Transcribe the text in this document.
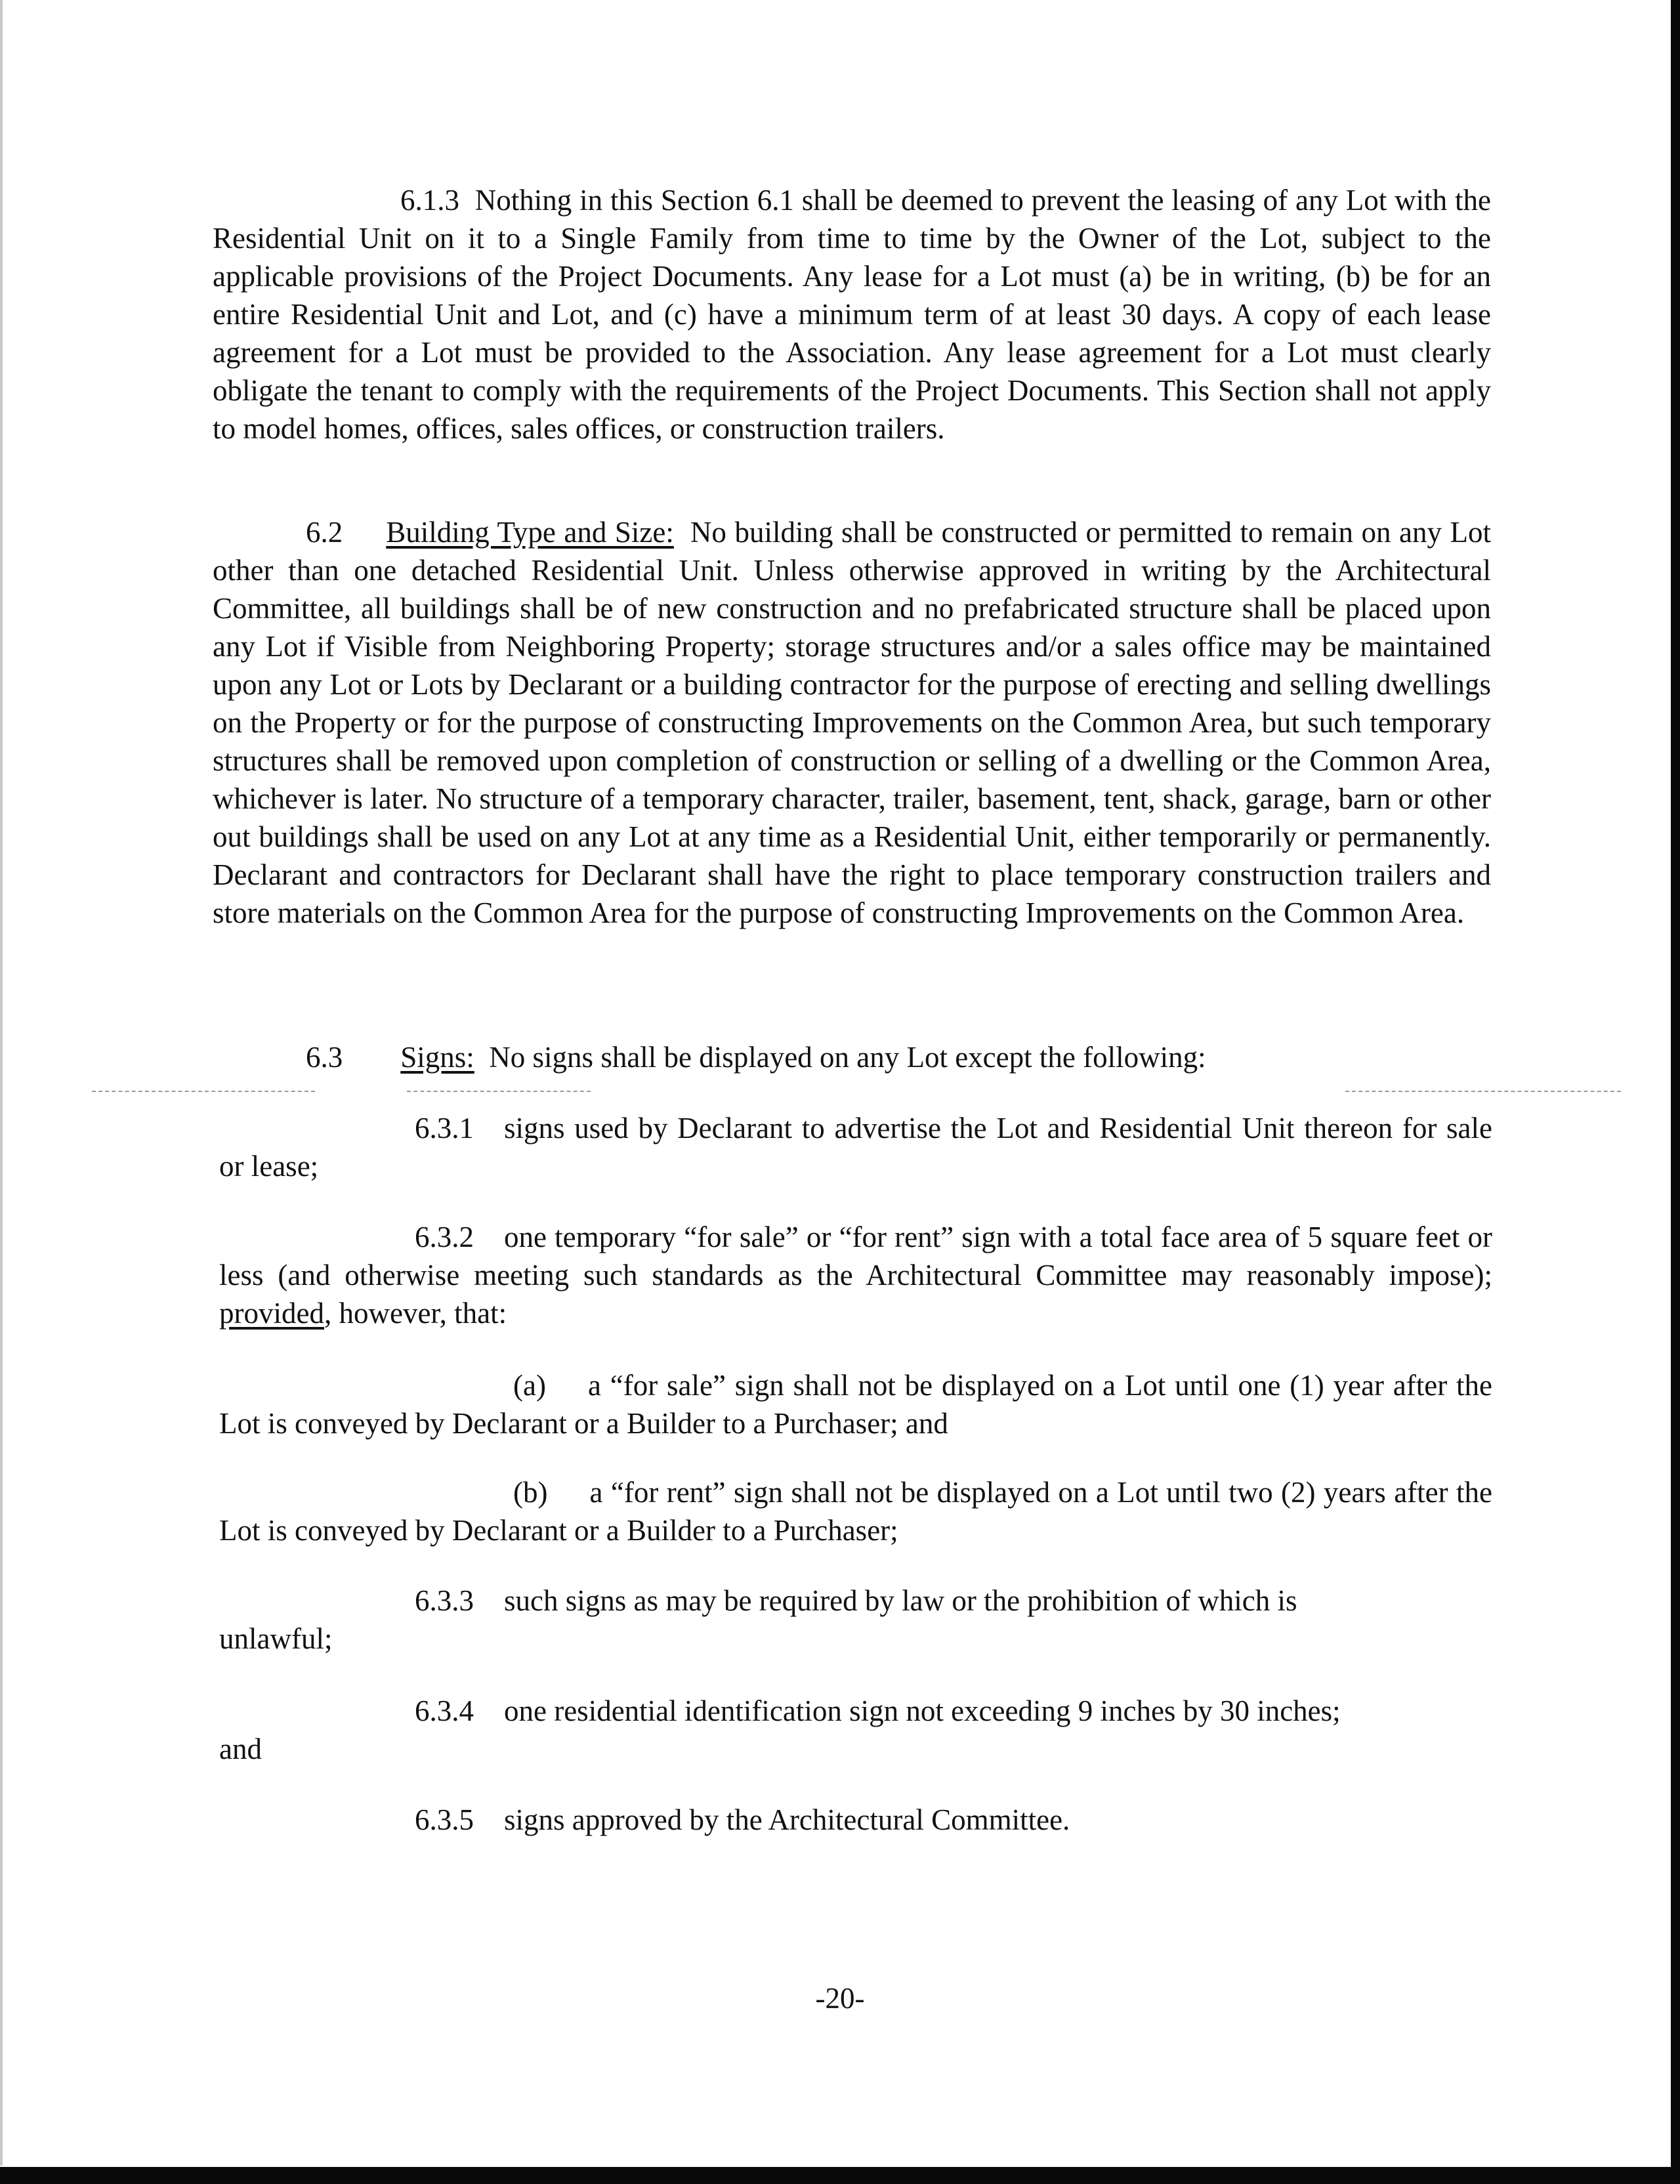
6.1.3 Nothing in this Section 6.1 shall be deemed to prevent the leasing of any Lot with the Residential Unit on it to a Single Family from time to time by the Owner of the Lot, subject to the applicable provisions of the Project Documents. Any lease for a Lot must (a) be in writing, (b) be for an entire Residential Unit and Lot, and (c) have a minimum term of at least 30 days. A copy of each lease agreement for a Lot must be provided to the Association. Any lease agreement for a Lot must clearly obligate the tenant to comply with the requirements of the Project Documents. This Section shall not apply to model homes, offices, sales offices, or construction trailers.

6.2 Building Type and Size: No building shall be constructed or permitted to remain on any Lot other than one detached Residential Unit. Unless otherwise approved in writing by the Architectural Committee, all buildings shall be of new construction and no prefabricated structure shall be placed upon any Lot if Visible from Neighboring Property; storage structures and/or a sales office may be maintained upon any Lot or Lots by Declarant or a building contractor for the purpose of erecting and selling dwellings on the Property or for the purpose of constructing Improvements on the Common Area, but such temporary structures shall be removed upon completion of construction or selling of a dwelling or the Common Area, whichever is later. No structure of a temporary character, trailer, basement, tent, shack, garage, barn or other out buildings shall be used on any Lot at any time as a Residential Unit, either temporarily or permanently. Declarant and contractors for Declarant shall have the right to place temporary construction trailers and store materials on the Common Area for the purpose of constructing Improvements on the Common Area.

6.3 Signs: No signs shall be displayed on any Lot except the following:

6.3.1 signs used by Declarant to advertise the Lot and Residential Unit thereon for sale or lease;

6.3.2 one temporary “for sale” or “for rent” sign with a total face area of 5 square feet or less (and otherwise meeting such standards as the Architectural Committee may reasonably impose); provided, however, that:

(a) a “for sale” sign shall not be displayed on a Lot until one (1) year after the Lot is conveyed by Declarant or a Builder to a Purchaser; and

(b) a “for rent” sign shall not be displayed on a Lot until two (2) years after the Lot is conveyed by Declarant or a Builder to a Purchaser;

6.3.3 such signs as may be required by law or the prohibition of which is

unlawful;

6.3.4 one residential identification sign not exceeding 9 inches by 30 inches;

and

6.3.5 signs approved by the Architectural Committee.

-20-
